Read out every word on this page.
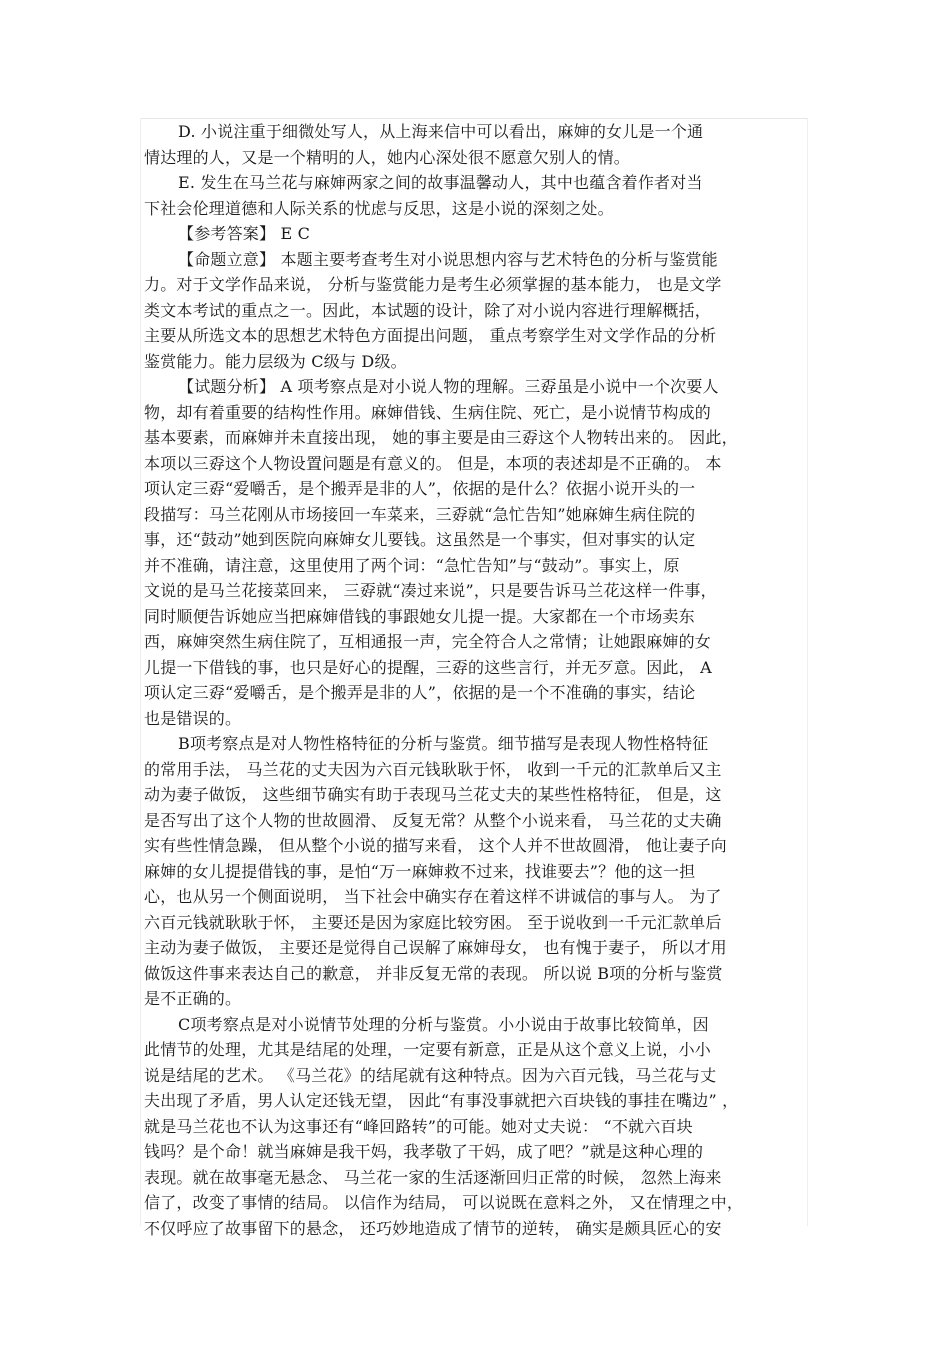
D. 小说注重于细微处写人，从上海来信中可以看出，麻婶的女儿是一个通
情达理的人，又是一个精明的人，她内心深处很不愿意欠别人的情。
E. 发生在马兰花与麻婶两家之间的故事温馨动人，其中也蕴含着作者对当
下社会伦理道德和人际关系的忧虑与反思，这是小说的深刻之处。
【参考答案】 E C
【命题立意】 本题主要考查考生对小说思想内容与艺术特色的分析与鉴赏能
力。对于文学作品来说， 分析与鉴赏能力是考生必须掌握的基本能力， 也是文学
类文本考试的重点之一。因此，本试题的设计，除了对小说内容进行理解概括，
主要从所选文本的思想艺术特色方面提出问题， 重点考察学生对文学作品的分析
鉴赏能力。能力层级为 C级与 D级。
【试题分析】 A 项考察点是对小说人物的理解。三孬虽是小说中一个次要人
物，却有着重要的结构性作用。麻婶借钱、生病住院、死亡，是小说情节构成的
基本要素，而麻婶并未直接出现， 她的事主要是由三孬这个人物转出来的。 因此，
本项以三孬这个人物设置问题是有意义的。 但是，本项的表述却是不正确的。 本
项认定三孬“爱嚼舌，是个搬弄是非的人”，依据的是什么？依据小说开头的一
段描写：马兰花刚从市场接回一车菜来，三孬就“急忙告知”她麻婶生病住院的
事，还“鼓动”她到医院向麻婶女儿要钱。这虽然是一个事实，但对事实的认定
并不准确，请注意，这里使用了两个词：“急忙告知”与“鼓动”。事实上，原
文说的是马兰花接菜回来， 三孬就“凑过来说”，只是要告诉马兰花这样一件事，
同时顺便告诉她应当把麻婶借钱的事跟她女儿提一提。大家都在一个市场卖东
西，麻婶突然生病住院了，互相通报一声，完全符合人之常情；让她跟麻婶的女
儿提一下借钱的事，也只是好心的提醒，三孬的这些言行，并无歹意。因此， A
项认定三孬“爱嚼舌，是个搬弄是非的人”，依据的是一个不准确的事实，结论
也是错误的。
B项考察点是对人物性格特征的分析与鉴赏。细节描写是表现人物性格特征
的常用手法， 马兰花的丈夫因为六百元钱耿耿于怀， 收到一千元的汇款单后又主
动为妻子做饭， 这些细节确实有助于表现马兰花丈夫的某些性格特征， 但是，这
是否写出了这个人物的世故圆滑、 反复无常？从整个小说来看， 马兰花的丈夫确
实有些性情急躁， 但从整个小说的描写来看， 这个人并不世故圆滑， 他让妻子向
麻婶的女儿提提借钱的事，是怕“万一麻婶救不过来，找谁要去”？他的这一担
心，也从另一个侧面说明， 当下社会中确实存在着这样不讲诚信的事与人。 为了
六百元钱就耿耿于怀， 主要还是因为家庭比较穷困。 至于说收到一千元汇款单后
主动为妻子做饭， 主要还是觉得自己误解了麻婶母女， 也有愧于妻子， 所以才用
做饭这件事来表达自己的歉意， 并非反复无常的表现。 所以说 B项的分析与鉴赏
是不正确的。
C项考察点是对小说情节处理的分析与鉴赏。小小说由于故事比较简单，因
此情节的处理，尤其是结尾的处理，一定要有新意，正是从这个意义上说，小小
说是结尾的艺术。 《马兰花》的结尾就有这种特点。因为六百元钱，马兰花与丈
夫出现了矛盾，男人认定还钱无望， 因此“有事没事就把六百块钱的事挂在嘴边” ，
就是马兰花也不认为这事还有“峰回路转”的可能。她对丈夫说： “不就六百块
钱吗？是个命！就当麻婶是我干妈，我孝敬了干妈，成了吧？”就是这种心理的
表现。就在故事毫无悬念、 马兰花一家的生活逐渐回归正常的时候， 忽然上海来
信了，改变了事情的结局。 以信作为结局， 可以说既在意料之外， 又在情理之中，
不仅呼应了故事留下的悬念， 还巧妙地造成了情节的逆转， 确实是颇具匠心的安
